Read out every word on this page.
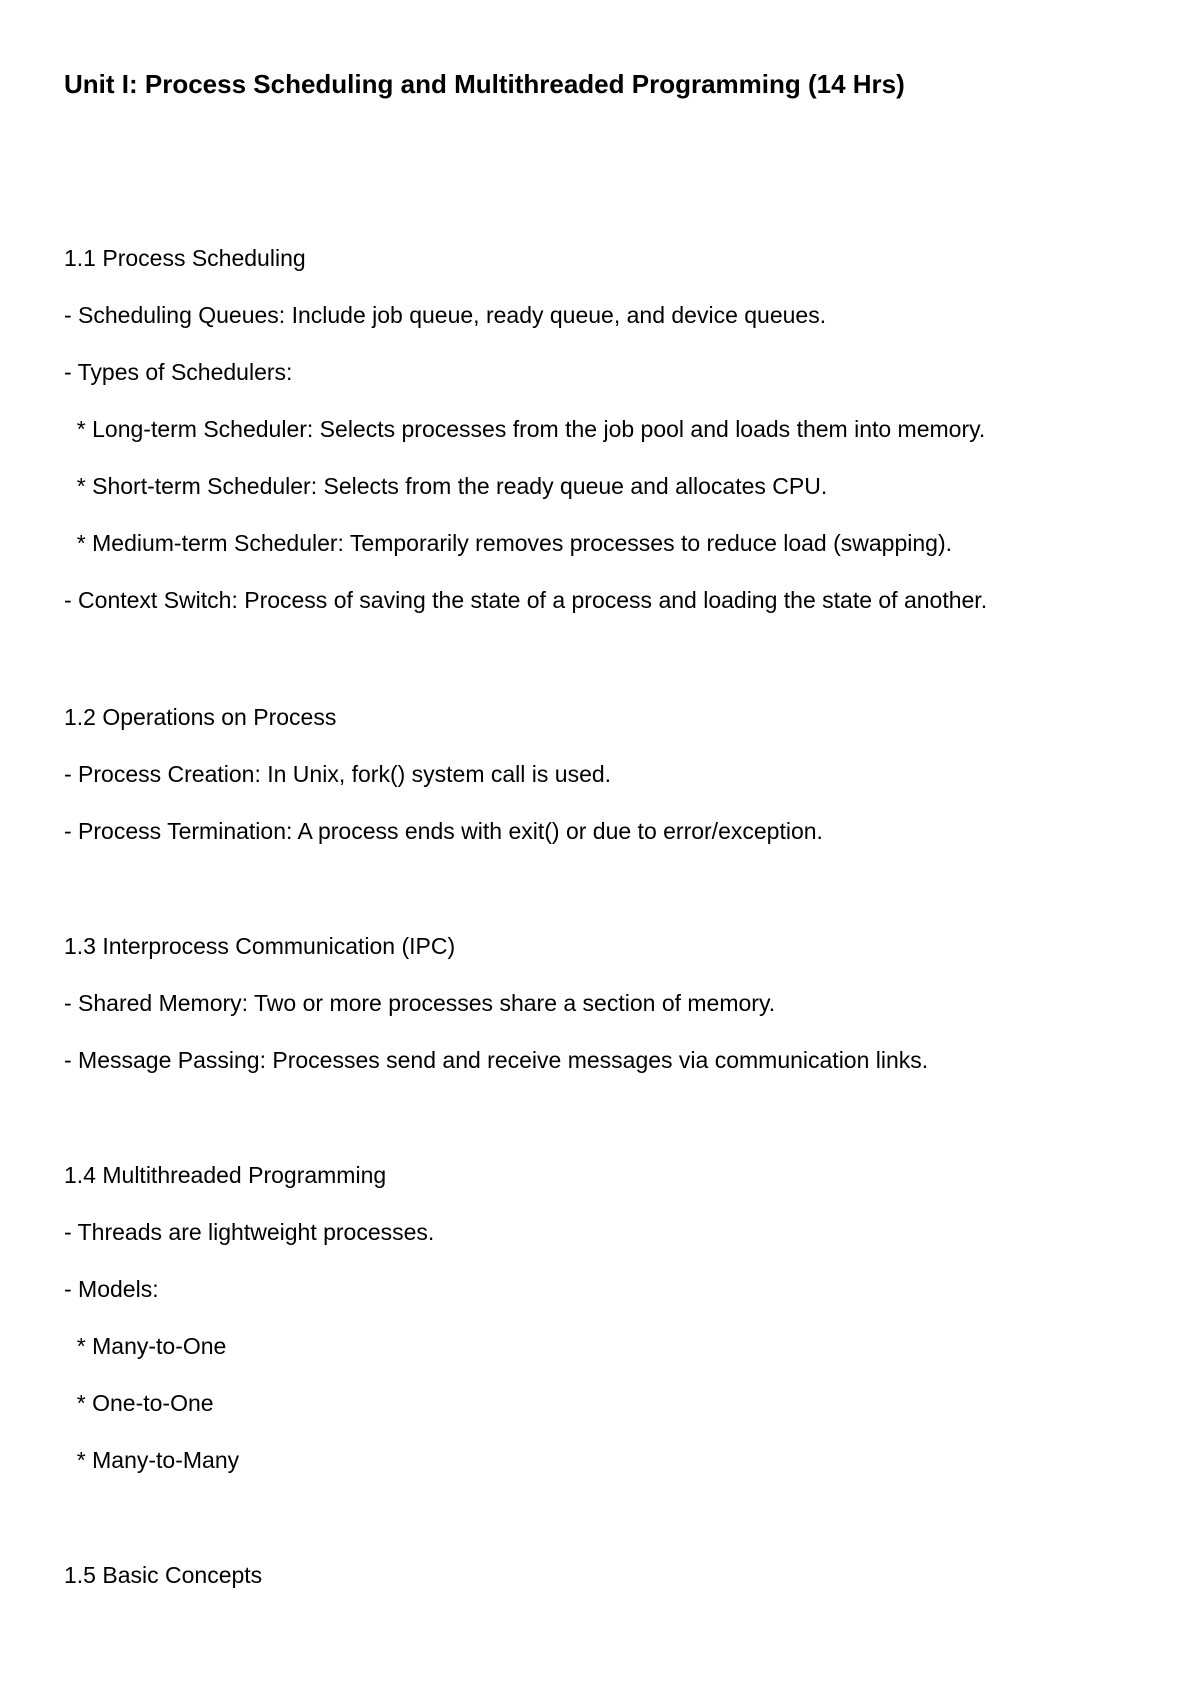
Unit I: Process Scheduling and Multithreaded Programming (14 Hrs)
1.1 Process Scheduling
- Scheduling Queues: Include job queue, ready queue, and device queues.
- Types of Schedulers:
* Long-term Scheduler: Selects processes from the job pool and loads them into memory.
* Short-term Scheduler: Selects from the ready queue and allocates CPU.
* Medium-term Scheduler: Temporarily removes processes to reduce load (swapping).
- Context Switch: Process of saving the state of a process and loading the state of another.
1.2 Operations on Process
- Process Creation: In Unix, fork() system call is used.
- Process Termination: A process ends with exit() or due to error/exception.
1.3 Interprocess Communication (IPC)
- Shared Memory: Two or more processes share a section of memory.
- Message Passing: Processes send and receive messages via communication links.
1.4 Multithreaded Programming
- Threads are lightweight processes.
- Models:
* Many-to-One
* One-to-One
* Many-to-Many
1.5 Basic Concepts
